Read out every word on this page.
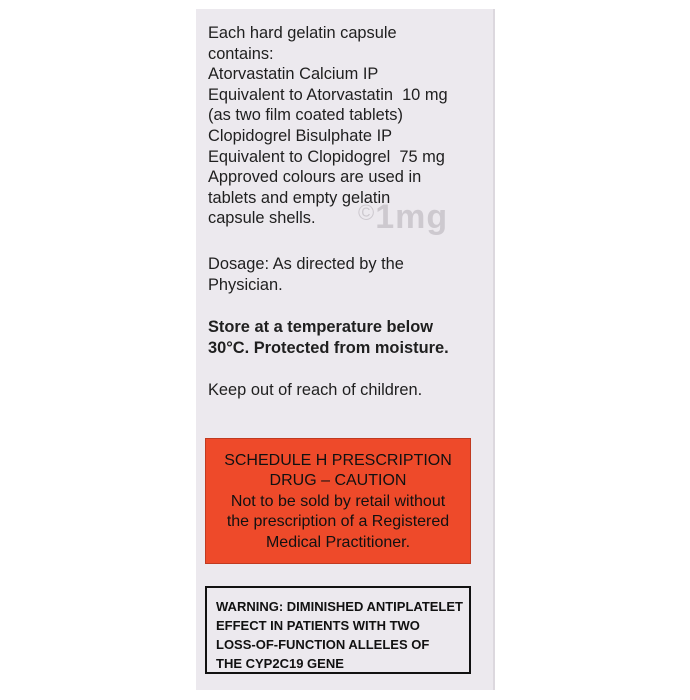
Each hard gelatin capsule
contains:
Atorvastatin Calcium IP
Equivalent to Atorvastatin  10 mg
(as two film coated tablets)
Clopidogrel Bisulphate IP
Equivalent to Clopidogrel  75 mg
Approved colours are used in
tablets and empty gelatin
capsule shells.
Dosage: As directed by the
Physician.
Store at a temperature below
30°C. Protected from moisture.
Keep out of reach of children.
©1mg
SCHEDULE H PRESCRIPTION
DRUG – CAUTION
Not to be sold by retail without
the prescription of a Registered
Medical Practitioner.
WARNING: DIMINISHED ANTIPLATELET
EFFECT IN PATIENTS WITH TWO
LOSS-OF-FUNCTION ALLELES OF
THE CYP2C19 GENE
